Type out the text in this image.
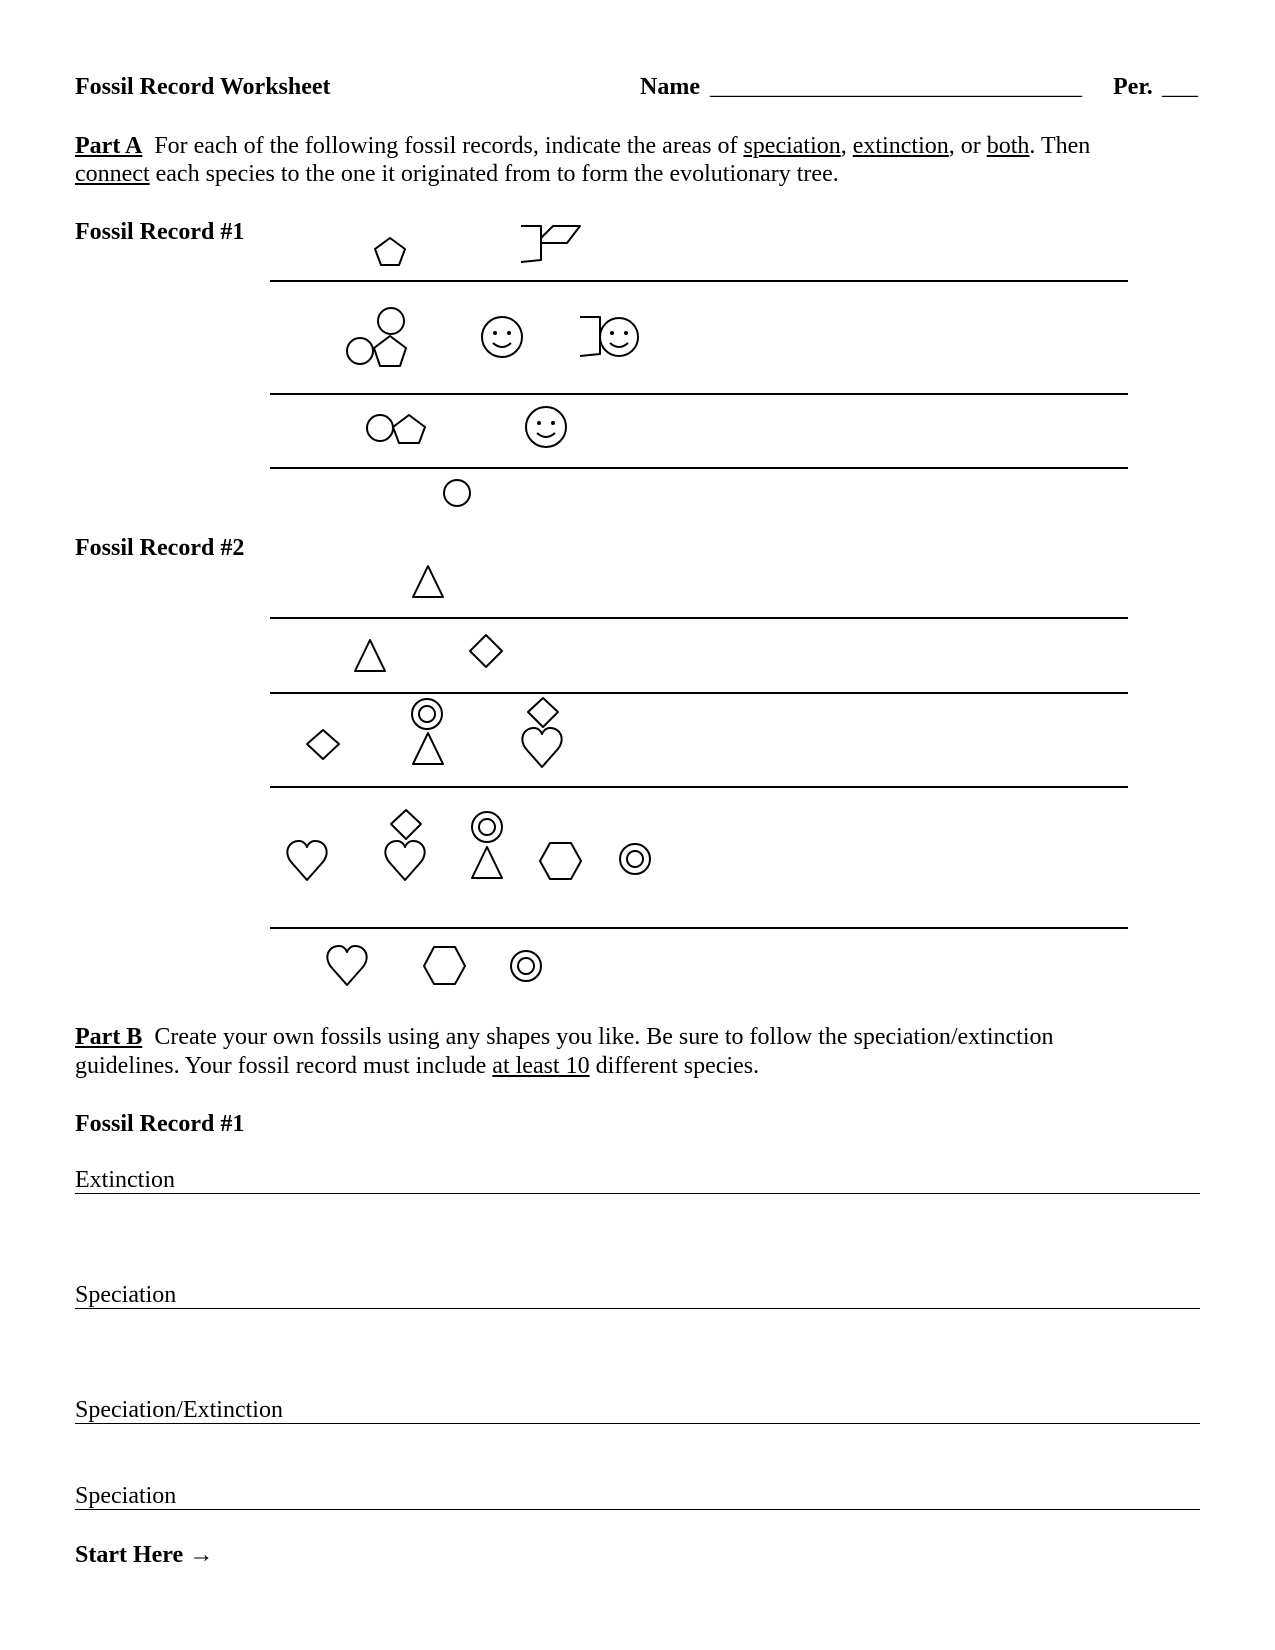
Fossil Record Worksheet	Name _______________________________ Per. ___
Part A For each of the following fossil records, indicate the areas of speciation, extinction, or both. Then
connect each species to the one it originated from to form the evolutionary tree.
Fossil Record #1
Fossil Record #2
Part B Create your own fossils using any shapes you like. Be sure to follow the speciation/extinction
guidelines. Your fossil record must include at least 10 different species.
Fossil Record #1
Extinction
Speciation
Speciation/Extinction
Speciation
Start Here →
